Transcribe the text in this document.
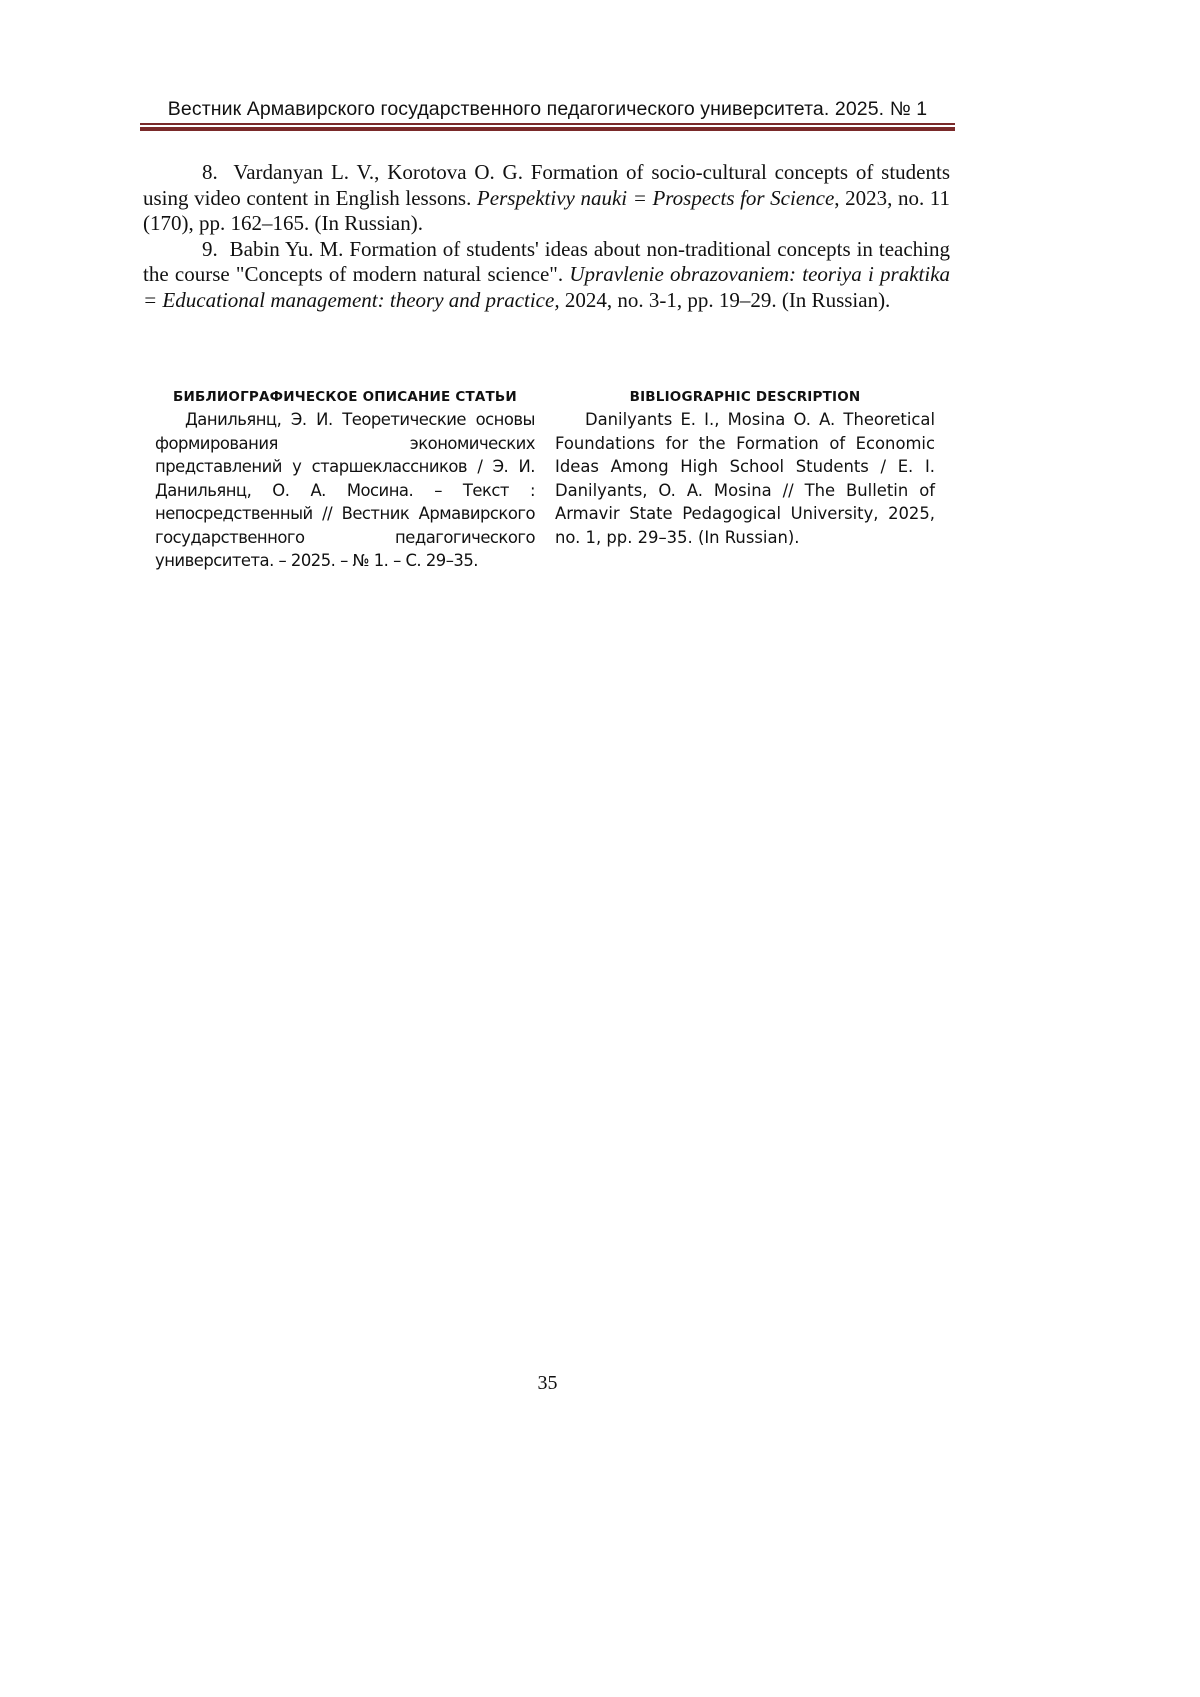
Вестник Армавирского государственного педагогического университета. 2025. № 1

8. Vardanyan L. V., Korotova O. G. Formation of socio-cultural concepts of students using video content in English lessons. Perspektivy nauki = Prospects for Science, 2023, no. 11 (170), pp. 162–165. (In Russian).

9. Babin Yu. M. Formation of students' ideas about non-traditional concepts in teaching the course "Concepts of modern natural science". Upravlenie obrazovaniem: teoriya i praktika = Educational management: theory and practice, 2024, no. 3-1, pp. 19–29. (In Russian).

БИБЛИОГРАФИЧЕСКОЕ ОПИСАНИЕ СТАТЬИ

Данильянц, Э. И. Теоретические основы формирования экономических представлений у старшеклассников / Э. И. Данильянц, О. А. Мосина. – Текст : непосредственный // Вестник Армавирского государственного педагогического университета. – 2025. – № 1. – С. 29–35.

BIBLIOGRAPHIC DESCRIPTION

Danilyants E. I., Mosina O. A. Theoretical Foundations for the Formation of Economic Ideas Among High School Students / E. I. Danilyants, O. A. Mosina // The Bulletin of Armavir State Pedagogical University, 2025, no. 1, pp. 29–35. (In Russian).

35
